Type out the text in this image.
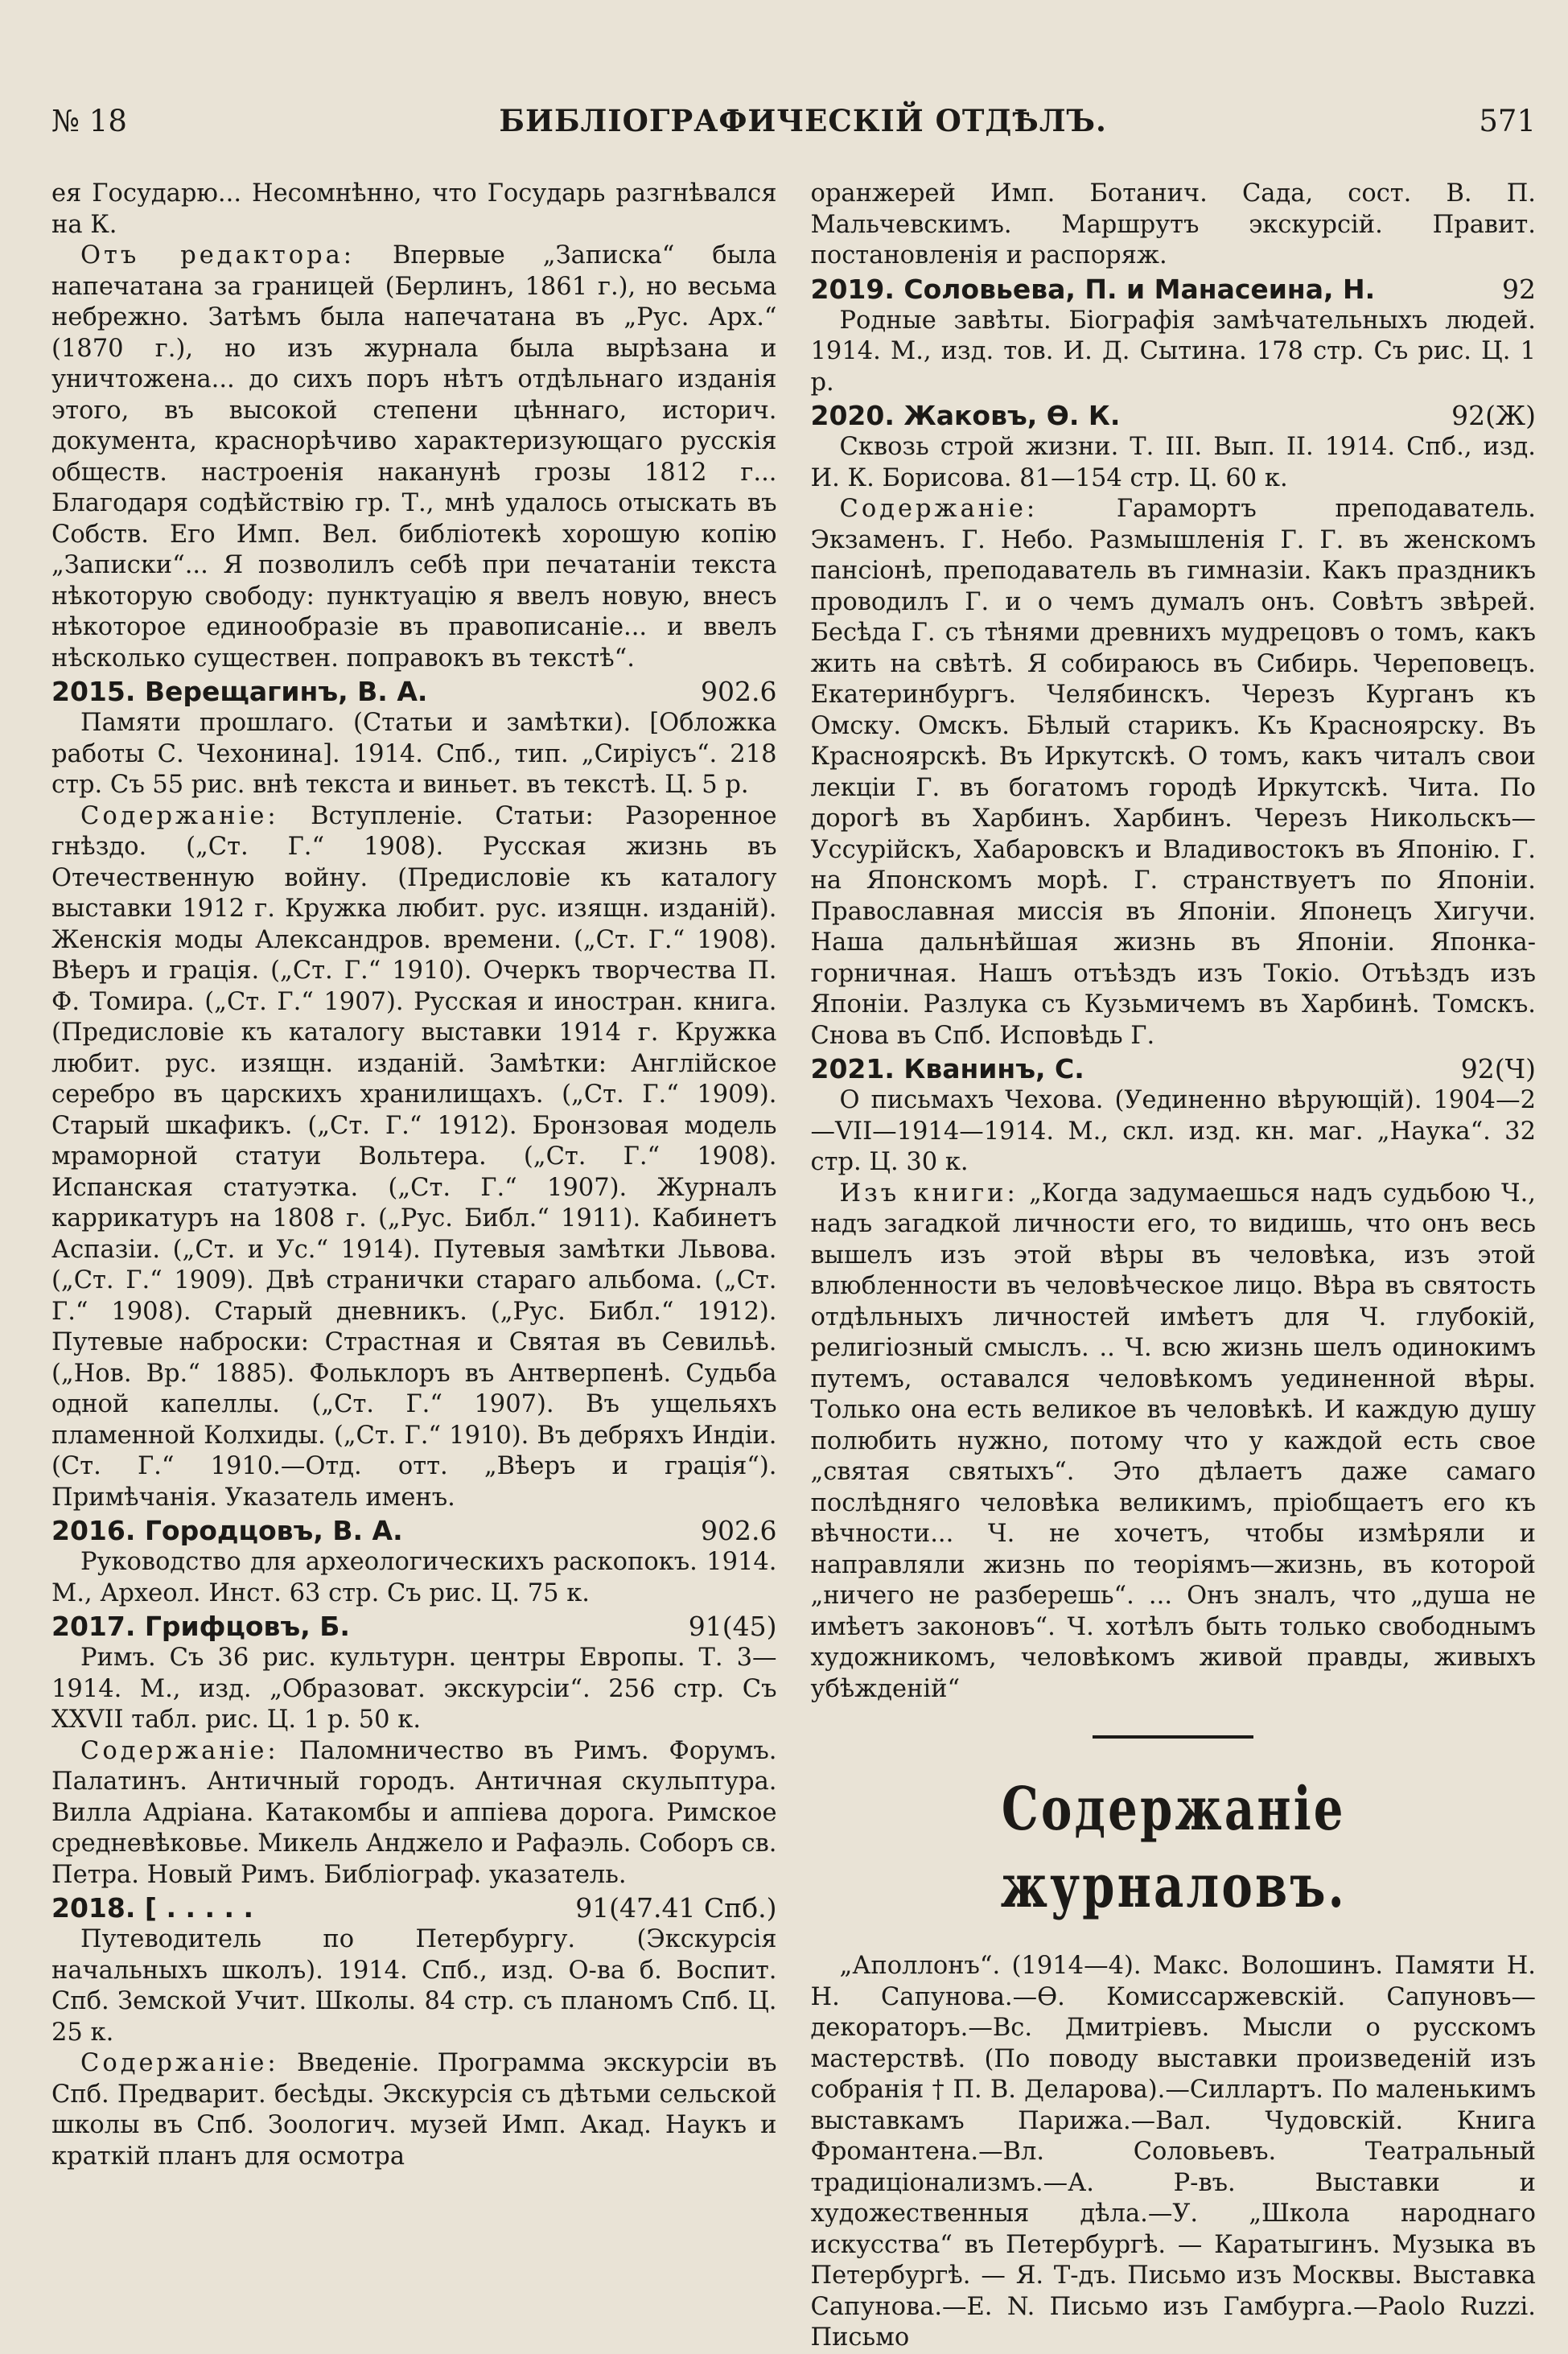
№ 18	БИБЛІОГРАФИЧЕСКІЙ ОТДѢЛЪ.	571

ея Государю... Несомнѣнно, что Государь разгнѣвался на К.

Отъ редактора: Впервые „Записка“ была напечатана за границей (Берлинъ, 1861 г.), но весьма небрежно. Затѣмъ была напечатана въ „Рус. Арх.“ (1870 г.), но изъ журнала была вырѣзана и уничтожена... до сихъ поръ нѣтъ отдѣльнаго изданія этого, въ высокой степени цѣннаго, историч. документа, краснорѣчиво характеризующаго русскія обществ. настроенія наканунѣ грозы 1812 г... Благодаря содѣйствію гр. Т., мнѣ удалось отыскать въ Собств. Его Имп. Вел. библіотекѣ хорошую копію „Записки“... Я позволилъ себѣ при печатаніи текста нѣкоторую свободу: пунктуацію я ввелъ новую, внесъ нѣкоторое единообразіе въ правописаніе... и ввелъ нѣсколько существен. поправокъ въ текстѣ“.

2015. Верещагинъ, В. А.	902.6

Памяти прошлаго. (Статьи и замѣтки). [Обложка работы С. Чехонина]. 1914. Спб., тип. „Сиріусъ“. 218 стр. Съ 55 рис. внѣ текста и виньет. въ текстѣ. Ц. 5 р.

Содержаніе: Вступленіе. Статьи: Разоренное гнѣздо. („Ст. Г.“ 1908). Русская жизнь въ Отечественную войну. (Предисловіе къ каталогу выставки 1912 г. Кружка любит. рус. изящн. изданій). Женскія моды Александров. времени. („Ст. Г.“ 1908). Вѣеръ и грація. („Ст. Г.“ 1910). Очеркъ творчества П. Ф. Томира. („Ст. Г.“ 1907). Русская и иностран. книга. (Предисловіе къ каталогу выставки 1914 г. Кружка любит. рус. изящн. изданій. Замѣтки: Англійское серебро въ царскихъ хранилищахъ. („Ст. Г.“ 1909). Старый шкафикъ. („Ст. Г.“ 1912). Бронзовая модель мраморной статуи Вольтера. („Ст. Г.“ 1908). Испанская статуэтка. („Ст. Г.“ 1907). Журналъ каррикатуръ на 1808 г. („Рус. Библ.“ 1911). Кабинетъ Аспазіи. („Ст. и Ус.“ 1914). Путевыя замѣтки Львова. („Ст. Г.“ 1909). Двѣ странички стараго альбома. („Ст. Г.“ 1908). Старый дневникъ. („Рус. Библ.“ 1912). Путевые наброски: Страстная и Святая въ Севильѣ. („Нов. Вр.“ 1885). Фольклоръ въ Антверпенѣ. Судьба одной капеллы. („Ст. Г.“ 1907). Въ ущельяхъ пламенной Колхиды. („Ст. Г.“ 1910). Въ дебряхъ Индіи. (Ст. Г.“ 1910.—Отд. отт. „Вѣеръ и грація“). Примѣчанія. Указатель именъ.

2016. Городцовъ, В. А.	902.6

Руководство для археологическихъ раскопокъ. 1914. М., Археол. Инст. 63 стр. Съ рис. Ц. 75 к.

2017. Грифцовъ, Б.	91(45)

Римъ. Съ 36 рис. культурн. центры Европы. Т. 3—1914. М., изд. „Образоват. экскурсіи“. 256 стр. Съ XXVII табл. рис. Ц. 1 р. 50 к.

Содержаніе: Паломничество въ Римъ. Форумъ. Палатинъ. Античный городъ. Античная скульптура. Вилла Адріана. Катакомбы и аппіева дорога. Римское средневѣковье. Микель Анджело и Рафаэль. Соборъ св. Петра. Новый Римъ. Библіограф. указатель.

2018. [ . . . . .	91(47.41 Спб.)

Путеводитель по Петербургу. (Экскурсія начальныхъ школъ). 1914. Спб., изд. О-ва б. Воспит. Спб. Земской Учит. Школы. 84 стр. съ планомъ Спб. Ц. 25 к.

Содержаніе: Введеніе. Программа экскурсіи въ Спб. Предварит. бесѣды. Экскурсія съ дѣтьми сельской школы въ Спб. Зоологич. музей Имп. Акад. Наукъ и краткій планъ для осмотра

оранжерей Имп. Ботанич. Сада, сост. В. П. Мальчевскимъ. Маршрутъ экскурсій. Правит. постановленія и распоряж.

2019. Соловьева, П. и Манасеина, Н.	92

Родные завѣты. Біографія замѣчательныхъ людей. 1914. М., изд. тов. И. Д. Сытина. 178 стр. Съ рис. Ц. 1 р.

2020. Жаковъ, Ѳ. К.	92(Ж)

Сквозь строй жизни. Т. III. Вып. II. 1914. Спб., изд. И. К. Борисова. 81—154 стр. Ц. 60 к.

Содержаніе:	Гарамортъ преподаватель. Экзаменъ. Г. Небо. Размышленія Г. Г. въ женскомъ пансіонѣ, преподаватель въ гимназіи. Какъ праздникъ проводилъ Г. и о чемъ думалъ онъ. Совѣтъ звѣрей. Бесѣда Г. съ тѣнями древнихъ мудрецовъ о томъ, какъ жить на свѣтѣ. Я собираюсь въ Сибирь. Череповецъ. Екатеринбургъ. Челябинскъ. Черезъ Курганъ къ Омску. Омскъ. Бѣлый старикъ. Къ Красноярску. Въ Красноярскѣ. Въ Иркутскѣ. О томъ, какъ читалъ свои лекціи Г. въ богатомъ городѣ Иркутскѣ. Чита. По дорогѣ въ Харбинъ. Харбинъ. Черезъ Никольскъ—Уссурійскъ, Хабаровскъ и Владивостокъ въ Японію. Г. на Японскомъ морѣ. Г. странствуетъ по Японіи. Православная миссія въ Японіи. Японецъ Хигучи. Наша дальнѣйшая жизнь въ Японіи. Японка-горничная. Нашъ отъѣздъ изъ Токіо. Отъѣздъ изъ Японіи. Разлука съ Кузьмичемъ въ Харбинѣ. Томскъ. Снова въ Спб. Исповѣдь Г.

2021. Кванинъ, С.	92(Ч)

О письмахъ Чехова. (Уединенно вѣрующій). 1904—2—VII—1914—1914. М., скл. изд. кн. маг. „Наука“. 32 стр. Ц. 30 к.

Изъ книги: „Когда задумаешься надъ судьбою Ч., надъ загадкой личности его, то видишь, что онъ весь вышелъ изъ этой вѣры въ человѣка, изъ этой влюбленности въ человѣческое лицо. Вѣра въ святость отдѣльныхъ личностей имѣетъ для Ч. глубокій, религіозный смыслъ. .. Ч. всю жизнь шелъ одинокимъ путемъ, оставался человѣкомъ уединенной вѣры. Только она есть великое въ человѣкѣ. И каждую душу полюбить нужно, потому что у каждой есть свое „святая святыхъ“. Это дѣлаетъ даже самаго послѣдняго человѣка великимъ, пріобщаетъ его къ вѣчности... Ч. не хочетъ, чтобы измѣряли и направляли жизнь по теоріямъ—жизнь, въ которой „ничего не разберешь“. ... Онъ зналъ, что „душа не имѣетъ законовъ“. Ч. хотѣлъ быть только свободнымъ художникомъ, человѣкомъ живой правды, живыхъ убѣжденій“

Содержаніе журналовъ.

„Аполлонъ“. (1914—4). Макс. Волошинъ. Памяти Н. Н. Сапунова.—Ѳ. Комиссаржевскій. Сапуновъ—декораторъ.—Вс. Дмитріевъ. Мысли о русскомъ мастерствѣ. (По поводу выставки произведеній изъ собранія † П. В. Деларова).—Силлартъ. По маленькимъ выставкамъ Парижа.—Вал. Чудовскій. Книга Фромантена.—Вл. Соловьевъ. Театральный традиціонализмъ.—А. Р-въ. Выставки и художественныя дѣла.—У. „Школа народнаго искусства“ въ Петербургѣ. — Каратыгинъ. Музыка въ Петербургѣ. — Я. Т-дъ. Письмо изъ Москвы. Выставка Сапунова.—Е. N. Письмо изъ Гамбурга.—Paolo Ruzzi. Письмо
